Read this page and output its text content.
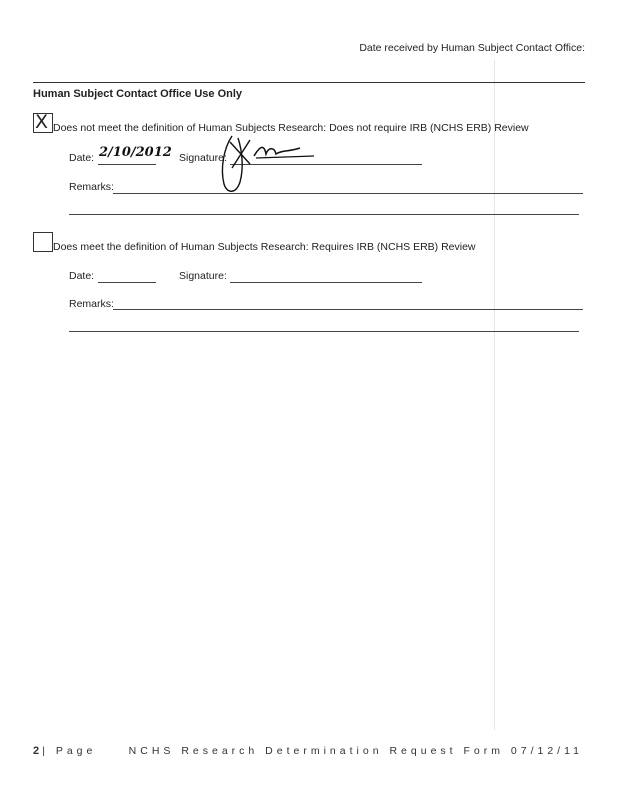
Date received by Human Subject Contact Office:
Human Subject Contact Office Use Only
X Does not meet the definition of Human Subjects Research: Does not require IRB (NCHS ERB) Review
Date: 2/10/2012 Signature:
Remarks:
Does meet the definition of Human Subjects Research: Requires IRB (NCHS ERB) Review
Date:	Signature:
Remarks:
2 | Page	NCHS Research Determination Request Form 07/12/11
